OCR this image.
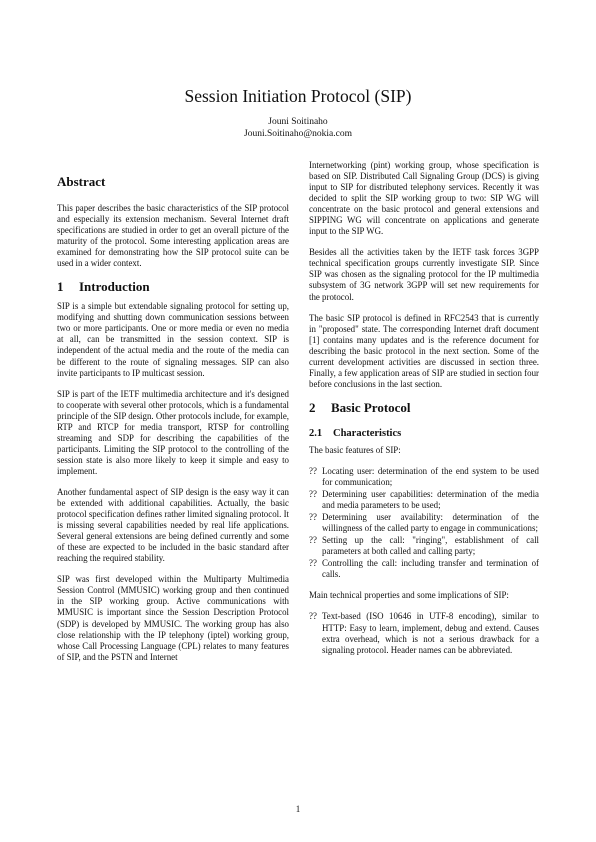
Session Initiation Protocol (SIP)
Jouni Soitinaho
Jouni.Soitinaho@nokia.com
Abstract

This paper describes the basic characteristics of the SIP protocol and especially its extension mechanism. Several Internet draft specifications are studied in order to get an overall picture of the maturity of the protocol. Some interesting application areas are examined for demonstrating how the SIP protocol suite can be used in a wider context.

1 Introduction

SIP is a simple but extendable signaling protocol for setting up, modifying and shutting down communication sessions between two or more participants. One or more media or even no media at all, can be transmitted in the session context. SIP is independent of the actual media and the route of the media can be different to the route of signaling messages. SIP can also invite participants to IP multicast session.

SIP is part of the IETF multimedia architecture and it's designed to cooperate with several other protocols, which is a fundamental principle of the SIP design. Other protocols include, for example, RTP and RTCP for media transport, RTSP for controlling streaming and SDP for describing the capabilities of the participants. Limiting the SIP protocol to the controlling of the session state is also more likely to keep it simple and easy to implement.

Another fundamental aspect of SIP design is the easy way it can be extended with additional capabilities. Actually, the basic protocol specification defines rather limited signaling protocol. It is missing several capabilities needed by real life applications. Several general extensions are being defined currently and some of these are expected to be included in the basic standard after reaching the required stability.

SIP was first developed within the Multiparty Multimedia Session Control (MMUSIC) working group and then continued in the SIP working group. Active communications with MMUSIC is important since the Session Description Protocol (SDP) is developed by MMUSIC. The working group has also close relationship with the IP telephony (iptel) working group, whose Call Processing Language (CPL) relates to many features of SIP, and the PSTN and Internet

Internetworking (pint) working group, whose specification is based on SIP. Distributed Call Signaling Group (DCS) is giving input to SIP for distributed telephony services. Recently it was decided to split the SIP working group to two: SIP WG will concentrate on the basic protocol and general extensions and SIPPING WG will concentrate on applications and generate input to the SIP WG.

Besides all the activities taken by the IETF task forces 3GPP technical specification groups currently investigate SIP. Since SIP was chosen as the signaling protocol for the IP multimedia subsystem of 3G network 3GPP will set new requirements for the protocol.

The basic SIP protocol is defined in RFC2543 that is currently in "proposed" state. The corresponding Internet draft document [1] contains many updates and is the reference document for describing the basic protocol in the next section. Some of the current development activities are discussed in section three. Finally, a few application areas of SIP are studied in section four before conclusions in the last section.

2 Basic Protocol
2.1 Characteristics

The basic features of SIP:

?? Locating user: determination of the end system to be used for communication;
?? Determining user capabilities: determination of the media and media parameters to be used;
?? Determining user availability: determination of the willingness of the called party to engage in communications;
?? Setting up the call: "ringing", establishment of call parameters at both called and calling party;
?? Controlling the call: including transfer and termination of calls.

Main technical properties and some implications of SIP:

?? Text-based (ISO 10646 in UTF-8 encoding), similar to HTTP: Easy to learn, implement, debug and extend. Causes extra overhead, which is not a serious drawback for a signaling protocol. Header names can be abbreviated.
1
